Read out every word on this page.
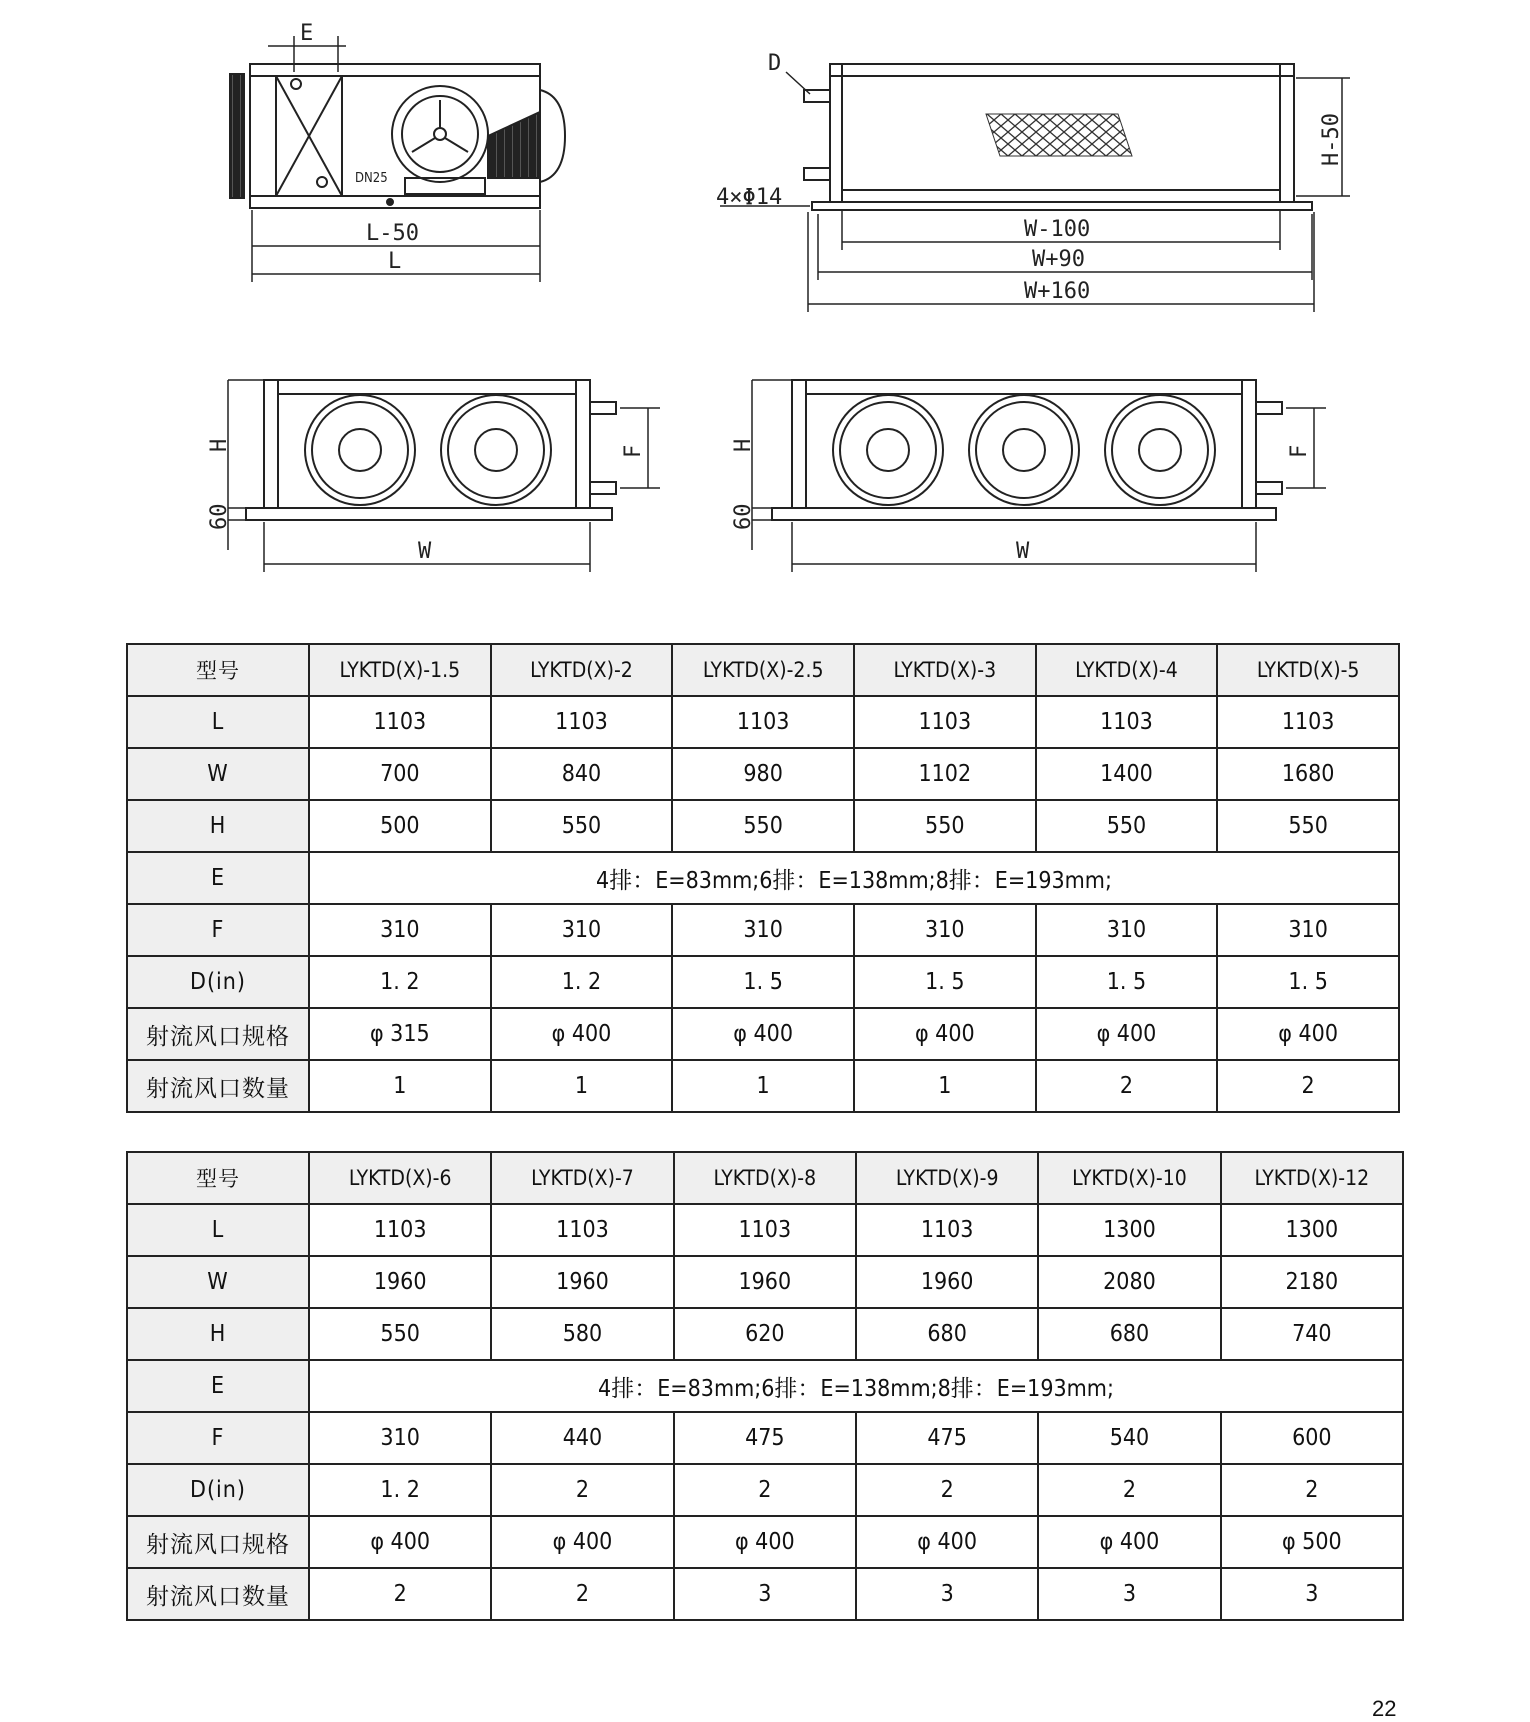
DN25
E
L-50
L
D
4×Φ14
H-50
W-100
W+90
W+160
H
60
F
W
H
60
F
W
型号	LYKTD(X)-1.5	LYKTD(X)-2	LYKTD(X)-2.5	LYKTD(X)-3	LYKTD(X)-4	LYKTD(X)-5
L	1103	1103	1103	1103	1103	1103
W	700	840	980	1102	1400	1680
H	500	550	550	550	550	550
E	4排：E=83mm;6排：E=138mm;8排：E=193mm;					
F	310	310	310	310	310	310
D(in)	1. 2	1. 2	1. 5	1. 5	1. 5	1. 5
射流风口规格	φ 315	φ 400	φ 400	φ 400	φ 400	φ 400
射流风口数量	1	1	1	1	2	2
型号	LYKTD(X)-6	LYKTD(X)-7	LYKTD(X)-8	LYKTD(X)-9	LYKTD(X)-10	LYKTD(X)-12
L	1103	1103	1103	1103	1300	1300
W	1960	1960	1960	1960	2080	2180
H	550	580	620	680	680	740
E	4排：E=83mm;6排：E=138mm;8排：E=193mm;					
F	310	440	475	475	540	600
D(in)	1. 2	2	2	2	2	2
射流风口规格	φ 400	φ 400	φ 400	φ 400	φ 400	φ 500
射流风口数量	2	2	3	3	3	3
22
